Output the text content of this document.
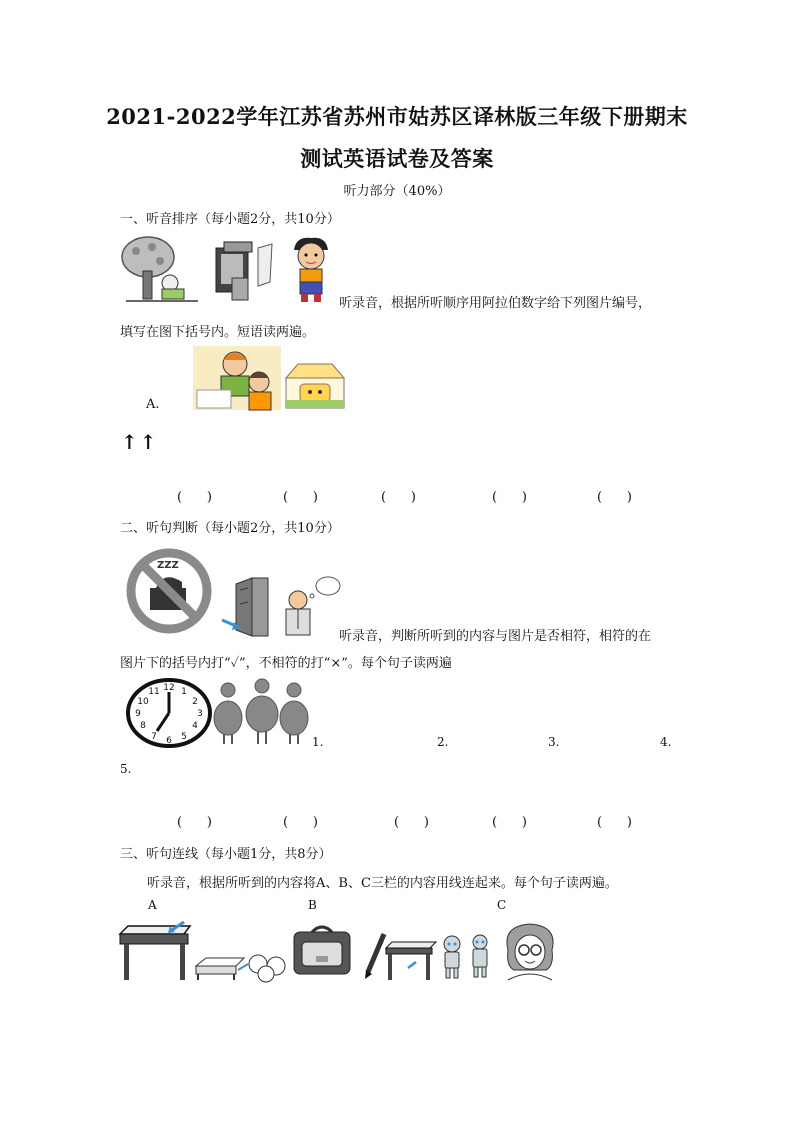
2021-2022学年江苏省苏州市姑苏区译林版三年级下册期末
测试英语试卷及答案
听力部分（40%）
一、听音排序（每小题2分，共10分）
听录音，根据所听顺序用阿拉伯数字给下列图片编号，
填写在图下括号内。短语读两遍。
A.
↑↑
(      )	(      )	(      )	(      )	(      )
二、听句判断（每小题2分，共10分）
ZZZ
听录音，判断所听到的内容与图片是否相符，相符的在
图片下的括号内打“✓”，不相符的打“×”。每个句子读两遍
12 1
2
3
4
5
6
7
8
9
10
11
1.	2.	3.	4.
5.
(      )	(      )	(      )	(      )	(      )
三、听句连线（每小题1分，共8分）
听录音，根据所听到的内容将A、B、C三栏的内容用线连起来。每个句子读两遍。
A	B	C
